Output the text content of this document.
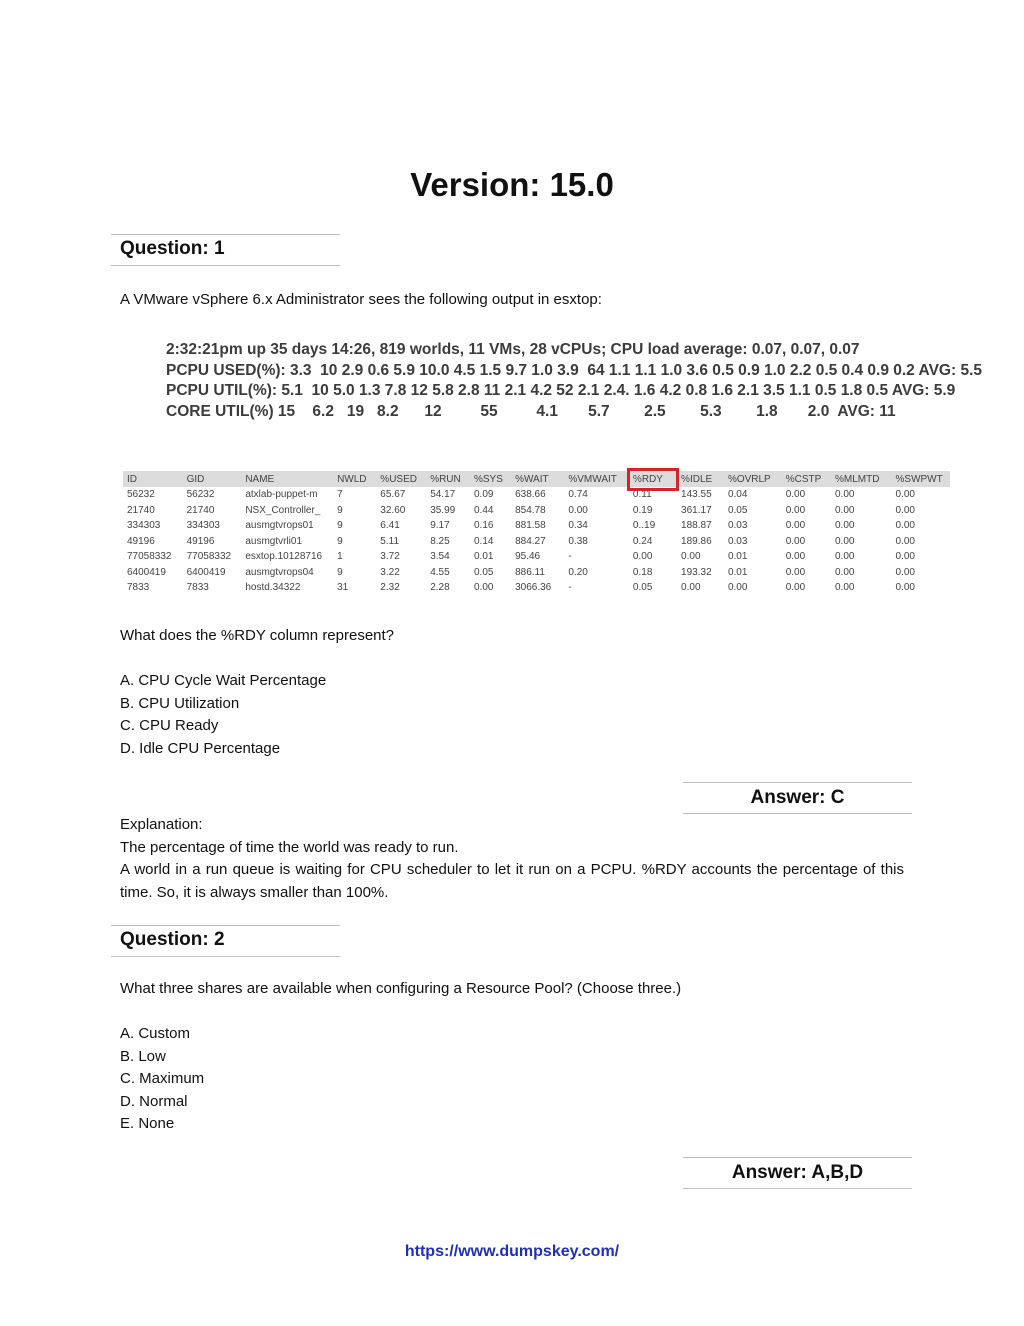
Version: 15.0
Question: 1
A VMware vSphere 6.x Administrator sees the following output in esxtop:
2:32:21pm up 35 days 14:26, 819 worlds, 11 VMs, 28 vCPUs; CPU load average: 0.07, 0.07, 0.07
PCPU USED(%): 3.3  10 2.9 0.6 5.9 10.0 4.5 1.5 9.7 1.0 3.9  64 1.1 1.1 1.0 3.6 0.5 0.9 1.0 2.2 0.5 0.4 0.9 0.2 AVG: 5.5
PCPU UTIL(%): 5.1  10 5.0 1.3 7.8 12 5.8 2.8 11 2.1 4.2 52 2.1 2.4. 1.6 4.2 0.8 1.6 2.1 3.5 1.1 0.5 1.8 0.5 AVG: 5.9
CORE UTIL(%) 15    6.2   19   8.2      12         55         4.1       5.7        2.5        5.3        1.8       2.0  AVG: 11
ID	GID	NAME	NWLD	%USED	%RUN	%SYS	%WAIT	%VMWAIT	%RDY	%IDLE	%OVRLP	%CSTP	%MLMTD	%SWPWT
56232	56232	atxlab-puppet-m	7	65.67	54.17	0.09	638.66	0.74	0.11	143.55	0.04	0.00	0.00	0.00
21740	21740	NSX_Controller_	9	32.60	35.99	0.44	854.78	0.00	0.19	361.17	0.05	0.00	0.00	0.00
334303	334303	ausmgtvrops01	9	6.41	9.17	0.16	881.58	0.34	0..19	188.87	0.03	0.00	0.00	0.00
49196	49196	ausmgtvrli01	9	5.11	8.25	0.14	884.27	0.38	0.24	189.86	0.03	0.00	0.00	0.00
77058332	77058332	esxtop.10128716	1	3.72	3.54	0.01	95.46	-	0.00	0.00	0.01	0.00	0.00	0.00
6400419	6400419	ausmgtvrops04	9	3.22	4.55	0.05	886.11	0.20	0.18	193.32	0.01	0.00	0.00	0.00
7833	7833	hostd.34322	31	2.32	2.28	0.00	3066.36	-	0.05	0.00	0.00	0.00	0.00	0.00
What does the %RDY column represent?
A. CPU Cycle Wait Percentage
B. CPU Utilization
C. CPU Ready
D. Idle CPU Percentage
Answer: C
Explanation:
The percentage of time the world was ready to run.
A world in a run queue is waiting for CPU scheduler to let it run on a PCPU. %RDY accounts the percentage of this time. So, it is always smaller than 100%.
Question: 2
What three shares are available when configuring a Resource Pool? (Choose three.)
A. Custom
B. Low
C. Maximum
D. Normal
E. None
Answer: A,B,D
https://www.dumpskey.com/
